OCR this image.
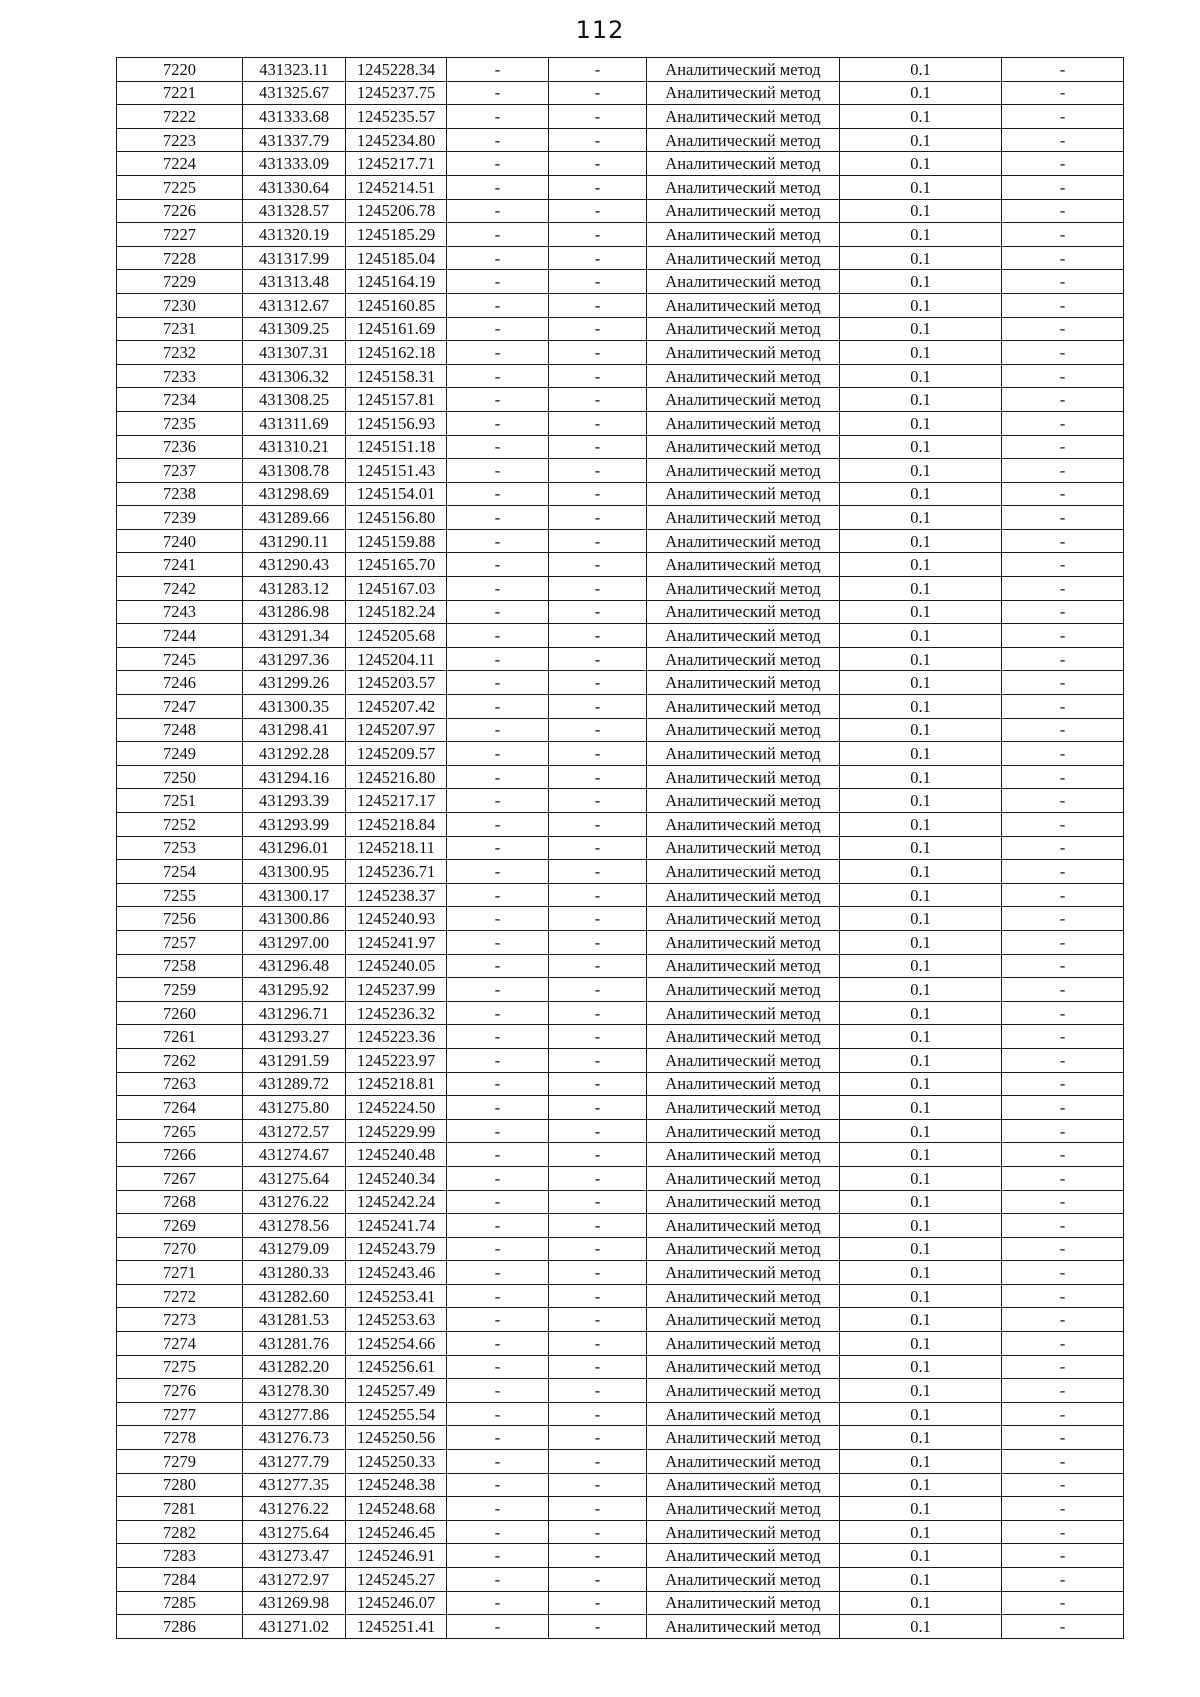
112
7220	431323.11	1245228.34	-	-	Аналитический метод	0.1	-
7221	431325.67	1245237.75	-	-	Аналитический метод	0.1	-
7222	431333.68	1245235.57	-	-	Аналитический метод	0.1	-
7223	431337.79	1245234.80	-	-	Аналитический метод	0.1	-
7224	431333.09	1245217.71	-	-	Аналитический метод	0.1	-
7225	431330.64	1245214.51	-	-	Аналитический метод	0.1	-
7226	431328.57	1245206.78	-	-	Аналитический метод	0.1	-
7227	431320.19	1245185.29	-	-	Аналитический метод	0.1	-
7228	431317.99	1245185.04	-	-	Аналитический метод	0.1	-
7229	431313.48	1245164.19	-	-	Аналитический метод	0.1	-
7230	431312.67	1245160.85	-	-	Аналитический метод	0.1	-
7231	431309.25	1245161.69	-	-	Аналитический метод	0.1	-
7232	431307.31	1245162.18	-	-	Аналитический метод	0.1	-
7233	431306.32	1245158.31	-	-	Аналитический метод	0.1	-
7234	431308.25	1245157.81	-	-	Аналитический метод	0.1	-
7235	431311.69	1245156.93	-	-	Аналитический метод	0.1	-
7236	431310.21	1245151.18	-	-	Аналитический метод	0.1	-
7237	431308.78	1245151.43	-	-	Аналитический метод	0.1	-
7238	431298.69	1245154.01	-	-	Аналитический метод	0.1	-
7239	431289.66	1245156.80	-	-	Аналитический метод	0.1	-
7240	431290.11	1245159.88	-	-	Аналитический метод	0.1	-
7241	431290.43	1245165.70	-	-	Аналитический метод	0.1	-
7242	431283.12	1245167.03	-	-	Аналитический метод	0.1	-
7243	431286.98	1245182.24	-	-	Аналитический метод	0.1	-
7244	431291.34	1245205.68	-	-	Аналитический метод	0.1	-
7245	431297.36	1245204.11	-	-	Аналитический метод	0.1	-
7246	431299.26	1245203.57	-	-	Аналитический метод	0.1	-
7247	431300.35	1245207.42	-	-	Аналитический метод	0.1	-
7248	431298.41	1245207.97	-	-	Аналитический метод	0.1	-
7249	431292.28	1245209.57	-	-	Аналитический метод	0.1	-
7250	431294.16	1245216.80	-	-	Аналитический метод	0.1	-
7251	431293.39	1245217.17	-	-	Аналитический метод	0.1	-
7252	431293.99	1245218.84	-	-	Аналитический метод	0.1	-
7253	431296.01	1245218.11	-	-	Аналитический метод	0.1	-
7254	431300.95	1245236.71	-	-	Аналитический метод	0.1	-
7255	431300.17	1245238.37	-	-	Аналитический метод	0.1	-
7256	431300.86	1245240.93	-	-	Аналитический метод	0.1	-
7257	431297.00	1245241.97	-	-	Аналитический метод	0.1	-
7258	431296.48	1245240.05	-	-	Аналитический метод	0.1	-
7259	431295.92	1245237.99	-	-	Аналитический метод	0.1	-
7260	431296.71	1245236.32	-	-	Аналитический метод	0.1	-
7261	431293.27	1245223.36	-	-	Аналитический метод	0.1	-
7262	431291.59	1245223.97	-	-	Аналитический метод	0.1	-
7263	431289.72	1245218.81	-	-	Аналитический метод	0.1	-
7264	431275.80	1245224.50	-	-	Аналитический метод	0.1	-
7265	431272.57	1245229.99	-	-	Аналитический метод	0.1	-
7266	431274.67	1245240.48	-	-	Аналитический метод	0.1	-
7267	431275.64	1245240.34	-	-	Аналитический метод	0.1	-
7268	431276.22	1245242.24	-	-	Аналитический метод	0.1	-
7269	431278.56	1245241.74	-	-	Аналитический метод	0.1	-
7270	431279.09	1245243.79	-	-	Аналитический метод	0.1	-
7271	431280.33	1245243.46	-	-	Аналитический метод	0.1	-
7272	431282.60	1245253.41	-	-	Аналитический метод	0.1	-
7273	431281.53	1245253.63	-	-	Аналитический метод	0.1	-
7274	431281.76	1245254.66	-	-	Аналитический метод	0.1	-
7275	431282.20	1245256.61	-	-	Аналитический метод	0.1	-
7276	431278.30	1245257.49	-	-	Аналитический метод	0.1	-
7277	431277.86	1245255.54	-	-	Аналитический метод	0.1	-
7278	431276.73	1245250.56	-	-	Аналитический метод	0.1	-
7279	431277.79	1245250.33	-	-	Аналитический метод	0.1	-
7280	431277.35	1245248.38	-	-	Аналитический метод	0.1	-
7281	431276.22	1245248.68	-	-	Аналитический метод	0.1	-
7282	431275.64	1245246.45	-	-	Аналитический метод	0.1	-
7283	431273.47	1245246.91	-	-	Аналитический метод	0.1	-
7284	431272.97	1245245.27	-	-	Аналитический метод	0.1	-
7285	431269.98	1245246.07	-	-	Аналитический метод	0.1	-
7286	431271.02	1245251.41	-	-	Аналитический метод	0.1	-
